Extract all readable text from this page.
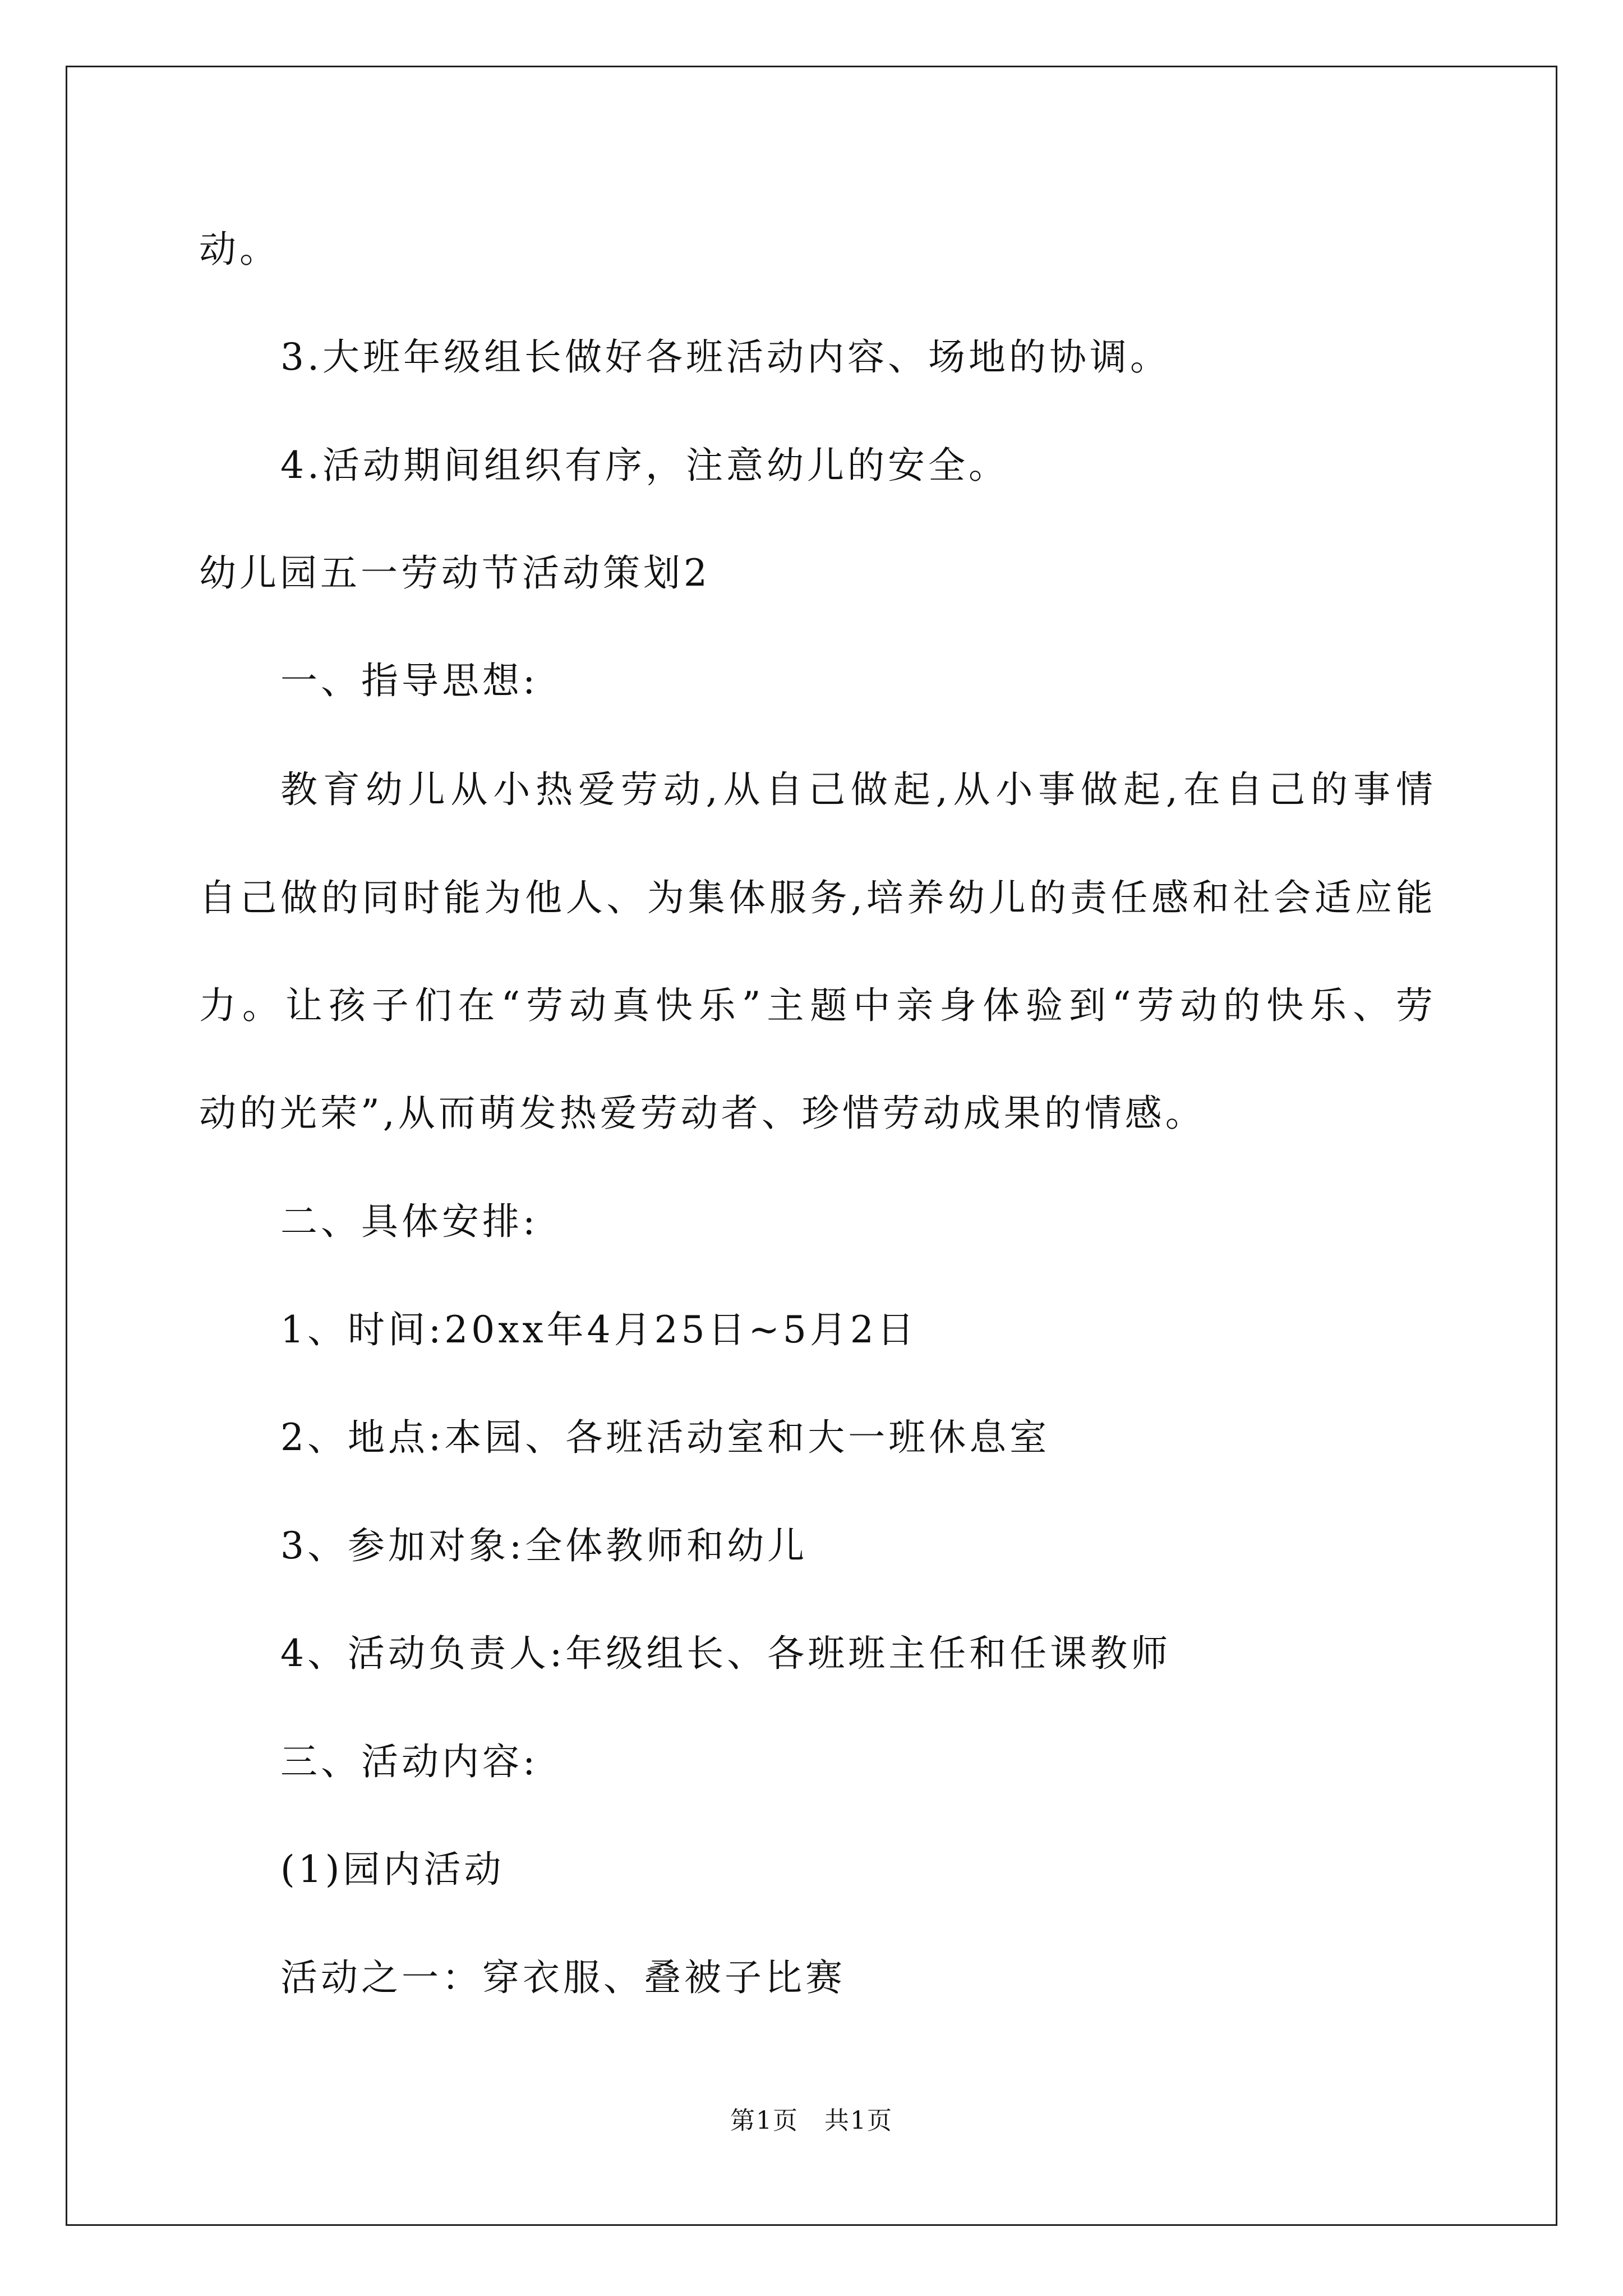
动。
3.大班年级组长做好各班活动内容、场地的协调。
4.活动期间组织有序，注意幼儿的安全。
幼儿园五一劳动节活动策划2
一、指导思想:
教育幼儿从小热爱劳动,从自己做起,从小事做起,在自己的事情
自己做的同时能为他人、为集体服务,培养幼儿的责任感和社会适应能
力。让孩子们在“劳动真快乐”主题中亲身体验到“劳动的快乐、劳
动的光荣”,从而萌发热爱劳动者、珍惜劳动成果的情感。
二、具体安排:
1、时间:20xx年4月25日~5月2日
2、地点:本园、各班活动室和大一班休息室
3、参加对象:全体教师和幼儿
4、活动负责人:年级组长、各班班主任和任课教师
三、活动内容:
(1)园内活动
活动之一：穿衣服、叠被子比赛
第1页　共1页
